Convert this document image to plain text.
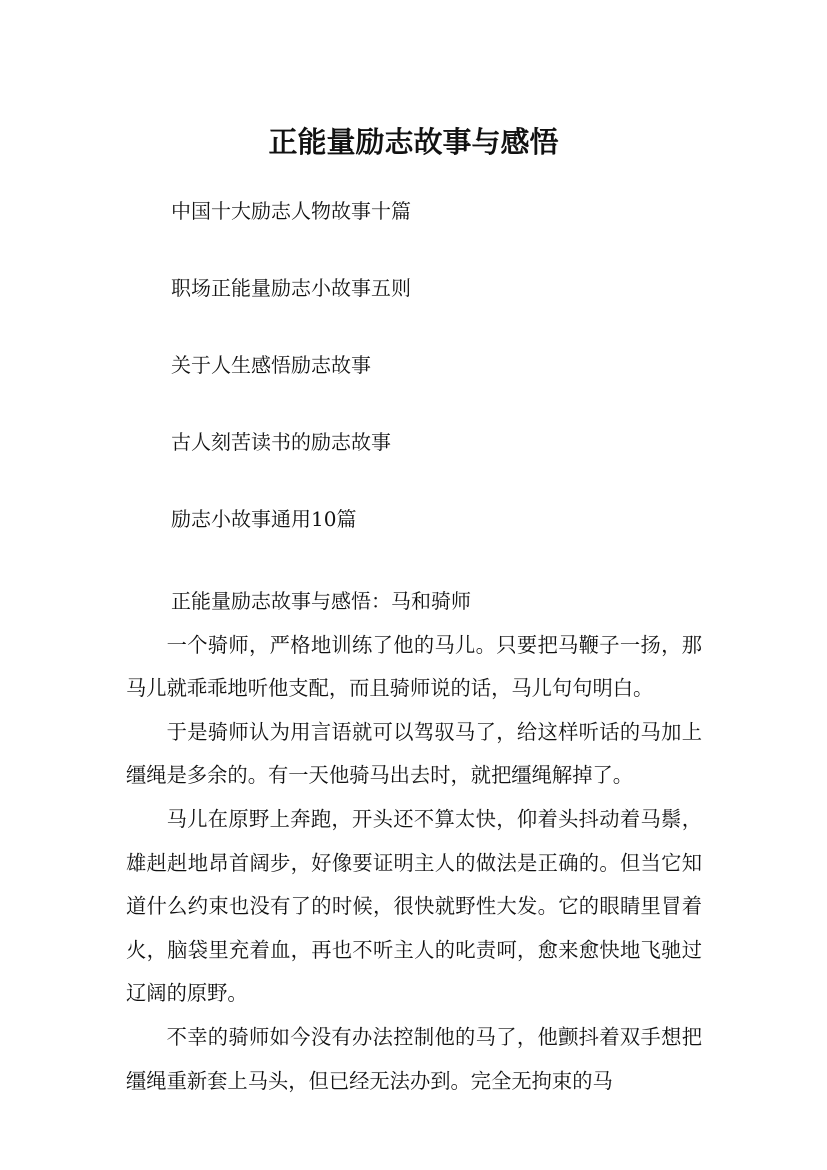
正能量励志故事与感悟
中国十大励志人物故事十篇
职场正能量励志小故事五则
关于人生感悟励志故事
古人刻苦读书的励志故事
励志小故事通用10篇
正能量励志故事与感悟：马和骑师

一个骑师，严格地训练了他的马儿。只要把马鞭子一扬，那马儿就乖乖地听他支配，而且骑师说的话，马儿句句明白。

于是骑师认为用言语就可以驾驭马了，给这样听话的马加上缰绳是多余的。有一天他骑马出去时，就把缰绳解掉了。

马儿在原野上奔跑，开头还不算太快，仰着头抖动着马鬃，雄赳赳地昂首阔步，好像要证明主人的做法是正确的。但当它知道什么约束也没有了的时候，很快就野性大发。它的眼睛里冒着火，脑袋里充着血，再也不听主人的叱责呵，愈来愈快地飞驰过辽阔的原野。

不幸的骑师如今没有办法控制他的马了，他颤抖着双手想把缰绳重新套上马头，但已经无法办到。完全无拘束的马
